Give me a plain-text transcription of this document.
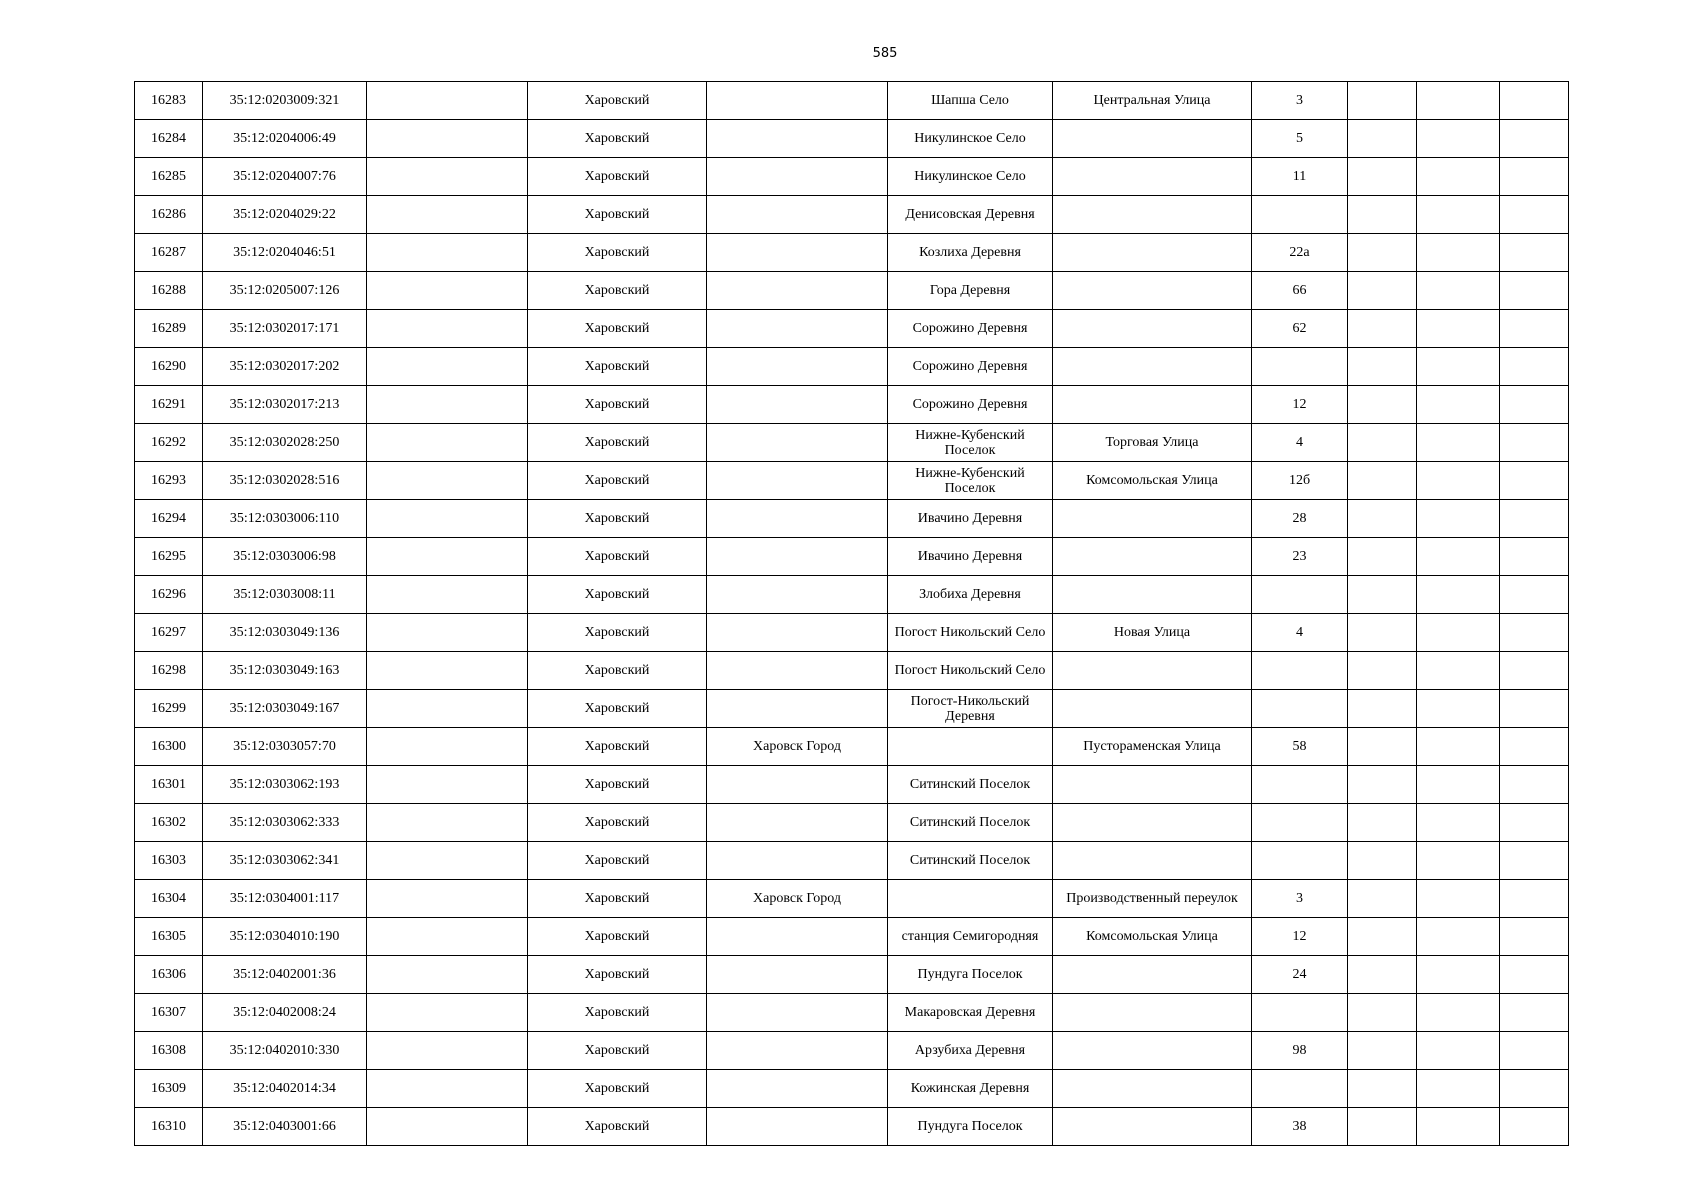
585
16283	35:12:0203009:321		Харовский		Шапша Село	Центральная Улица	3			
16284	35:12:0204006:49		Харовский		Никулинское Село		5			
16285	35:12:0204007:76		Харовский		Никулинское Село		11			
16286	35:12:0204029:22		Харовский		Денисовская Деревня					
16287	35:12:0204046:51		Харовский		Козлиха Деревня		22а			
16288	35:12:0205007:126		Харовский		Гора Деревня		66			
16289	35:12:0302017:171		Харовский		Сорожино Деревня		62			
16290	35:12:0302017:202		Харовский		Сорожино Деревня					
16291	35:12:0302017:213		Харовский		Сорожино Деревня		12			
16292	35:12:0302028:250		Харовский		Нижне-Кубенский Поселок	Торговая Улица	4			
16293	35:12:0302028:516		Харовский		Нижне-Кубенский Поселок	Комсомольская Улица	12б			
16294	35:12:0303006:110		Харовский		Ивачино Деревня		28			
16295	35:12:0303006:98		Харовский		Ивачино Деревня		23			
16296	35:12:0303008:11		Харовский		Злобиха Деревня					
16297	35:12:0303049:136		Харовский		Погост Никольский Село	Новая Улица	4			
16298	35:12:0303049:163		Харовский		Погост Никольский Село					
16299	35:12:0303049:167		Харовский		Погост-Никольский Деревня					
16300	35:12:0303057:70		Харовский	Харовск Город		Пустораменская Улица	58			
16301	35:12:0303062:193		Харовский		Ситинский Поселок					
16302	35:12:0303062:333		Харовский		Ситинский Поселок					
16303	35:12:0303062:341		Харовский		Ситинский Поселок					
16304	35:12:0304001:117		Харовский	Харовск Город		Производственный переулок	3			
16305	35:12:0304010:190		Харовский		станция Семигородняя	Комсомольская Улица	12			
16306	35:12:0402001:36		Харовский		Пундуга Поселок		24			
16307	35:12:0402008:24		Харовский		Макаровская Деревня					
16308	35:12:0402010:330		Харовский		Арзубиха Деревня		98			
16309	35:12:0402014:34		Харовский		Кожинская Деревня					
16310	35:12:0403001:66		Харовский		Пундуга Поселок		38			
